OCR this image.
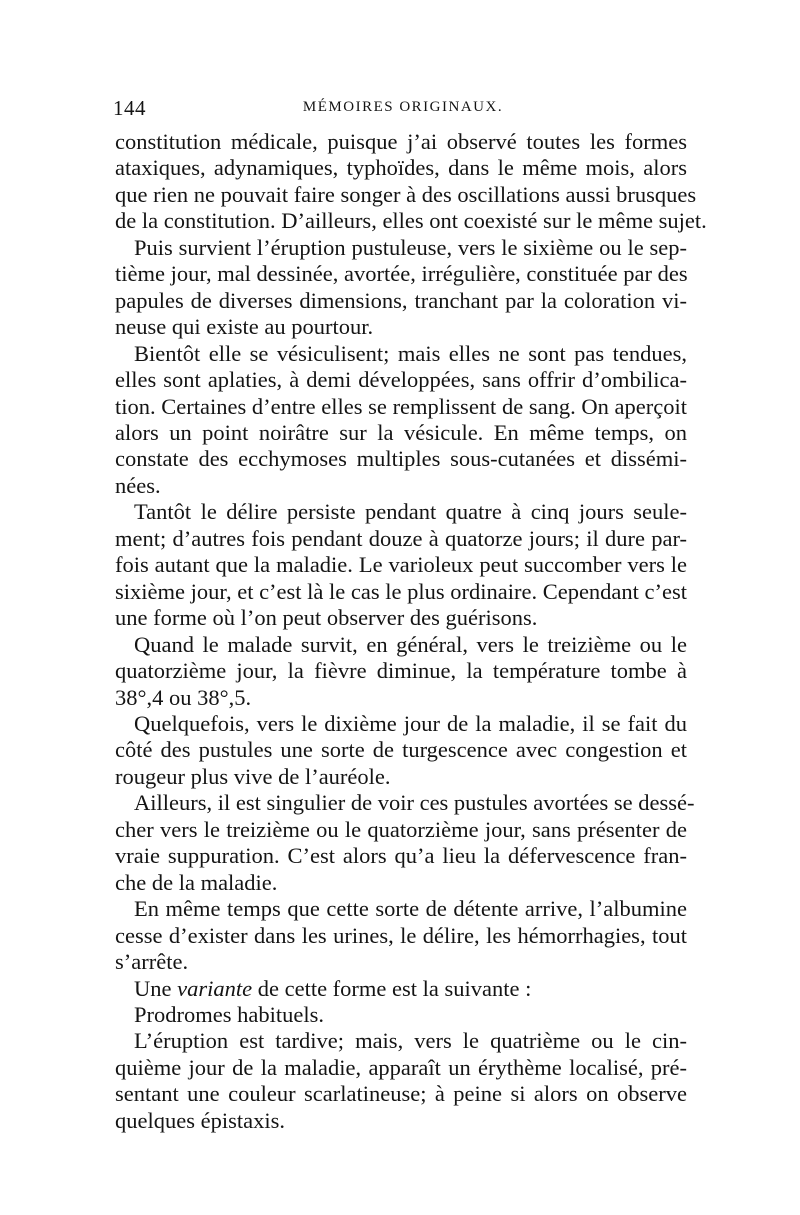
144	MÉMOIRES ORIGINAUX.
constitution médicale, puisque j’ai observé toutes les formes
ataxiques, adynamiques, typhoïdes, dans le même mois, alors
que rien ne pouvait faire songer à des oscillations aussi brusques
de la constitution. D’ailleurs, elles ont coexisté sur le même sujet.
Puis survient l’éruption pustuleuse, vers le sixième ou le sep-
tième jour, mal dessinée, avortée, irrégulière, constituée par des
papules de diverses dimensions, tranchant par la coloration vi-
neuse qui existe au pourtour.
Bientôt elle se vésiculisent; mais elles ne sont pas tendues,
elles sont aplaties, à demi développées, sans offrir d’ombilica-
tion. Certaines d’entre elles se remplissent de sang. On aperçoit
alors un point noirâtre sur la vésicule. En même temps, on
constate des ecchymoses multiples sous-cutanées et dissémi-
nées.
Tantôt le délire persiste pendant quatre à cinq jours seule-
ment; d’autres fois pendant douze à quatorze jours; il dure par-
fois autant que la maladie. Le varioleux peut succomber vers le
sixième jour, et c’est là le cas le plus ordinaire. Cependant c’est
une forme où l’on peut observer des guérisons.
Quand le malade survit, en général, vers le treizième ou le
quatorzième jour, la fièvre diminue, la température tombe à
38°,4 ou 38°,5.
Quelquefois, vers le dixième jour de la maladie, il se fait du
côté des pustules une sorte de turgescence avec congestion et
rougeur plus vive de l’auréole.
Ailleurs, il est singulier de voir ces pustules avortées se dessé-
cher vers le treizième ou le quatorzième jour, sans présenter de
vraie suppuration. C’est alors qu’a lieu la défervescence fran-
che de la maladie.
En même temps que cette sorte de détente arrive, l’albumine
cesse d’exister dans les urines, le délire, les hémorrhagies, tout
s’arrête.
Une variante de cette forme est la suivante :
Prodromes habituels.
L’éruption est tardive; mais, vers le quatrième ou le cin-
quième jour de la maladie, apparaît un érythème localisé, pré-
sentant une couleur scarlatineuse; à peine si alors on observe
quelques épistaxis.
